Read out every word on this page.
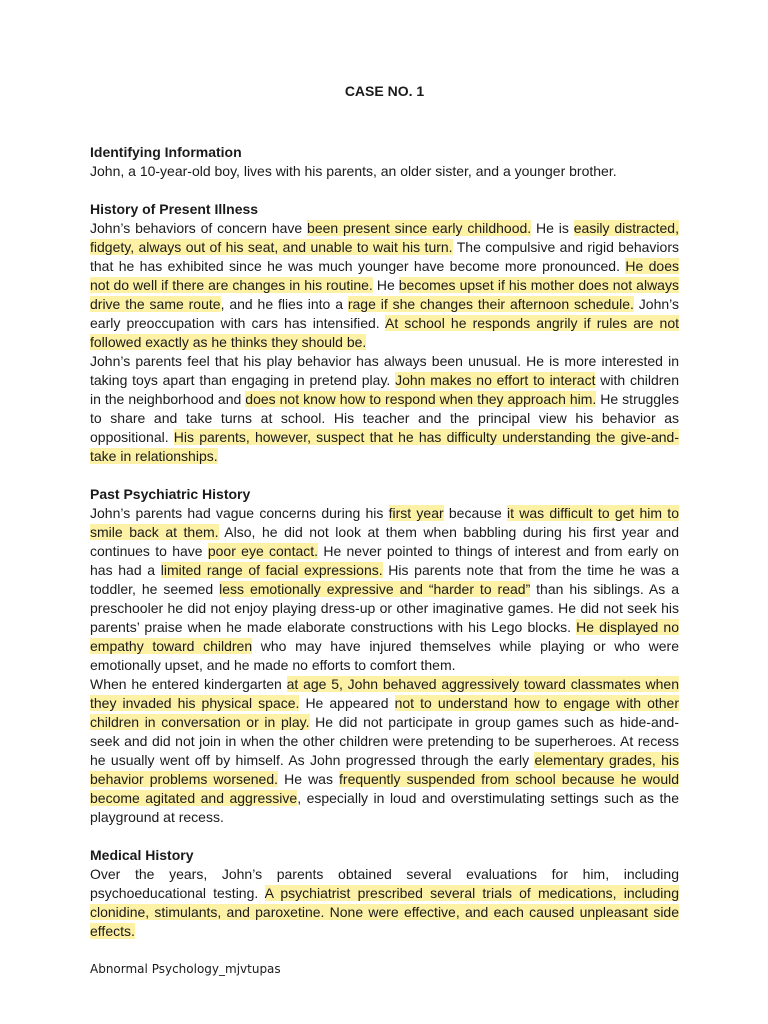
CASE NO. 1

Identifying Information

John, a 10-year-old boy, lives with his parents, an older sister, and a younger brother.

History of Present Illness

John’s behaviors of concern have been present since early childhood. He is easily distracted, fidgety, always out of his seat, and unable to wait his turn. The compulsive and rigid behaviors that he has exhibited since he was much younger have become more pronounced. He does not do well if there are changes in his routine. He becomes upset if his mother does not always drive the same route, and he flies into a rage if she changes their afternoon schedule. John’s early preoccupation with cars has intensified. At school he responds angrily if rules are not followed exactly as he thinks they should be.

John’s parents feel that his play behavior has always been unusual. He is more interested in taking toys apart than engaging in pretend play. John makes no effort to interact with children in the neighborhood and does not know how to respond when they approach him. He struggles to share and take turns at school. His teacher and the principal view his behavior as oppositional. His parents, however, suspect that he has difficulty understanding the give-and-take in relationships.

Past Psychiatric History

John’s parents had vague concerns during his first year because it was difficult to get him to smile back at them. Also, he did not look at them when babbling during his first year and continues to have poor eye contact. He never pointed to things of interest and from early on has had a limited range of facial expressions. His parents note that from the time he was a toddler, he seemed less emotionally expressive and “harder to read” than his siblings. As a preschooler he did not enjoy playing dress-up or other imaginative games. He did not seek his parents’ praise when he made elaborate constructions with his Lego blocks. He displayed no empathy toward children who may have injured themselves while playing or who were emotionally upset, and he made no efforts to comfort them.

When he entered kindergarten at age 5, John behaved aggressively toward classmates when they invaded his physical space. He appeared not to understand how to engage with other children in conversation or in play. He did not participate in group games such as hide-and-seek and did not join in when the other children were pretending to be superheroes. At recess he usually went off by himself. As John progressed through the early elementary grades, his behavior problems worsened. He was frequently suspended from school because he would become agitated and aggressive, especially in loud and overstimulating settings such as the playground at recess.

Medical History

Over the years, John’s parents obtained several evaluations for him, including psychoeducational testing. A psychiatrist prescribed several trials of medications, including clonidine, stimulants, and paroxetine. None were effective, and each caused unpleasant side effects.

Abnormal Psychology_mjvtupas
